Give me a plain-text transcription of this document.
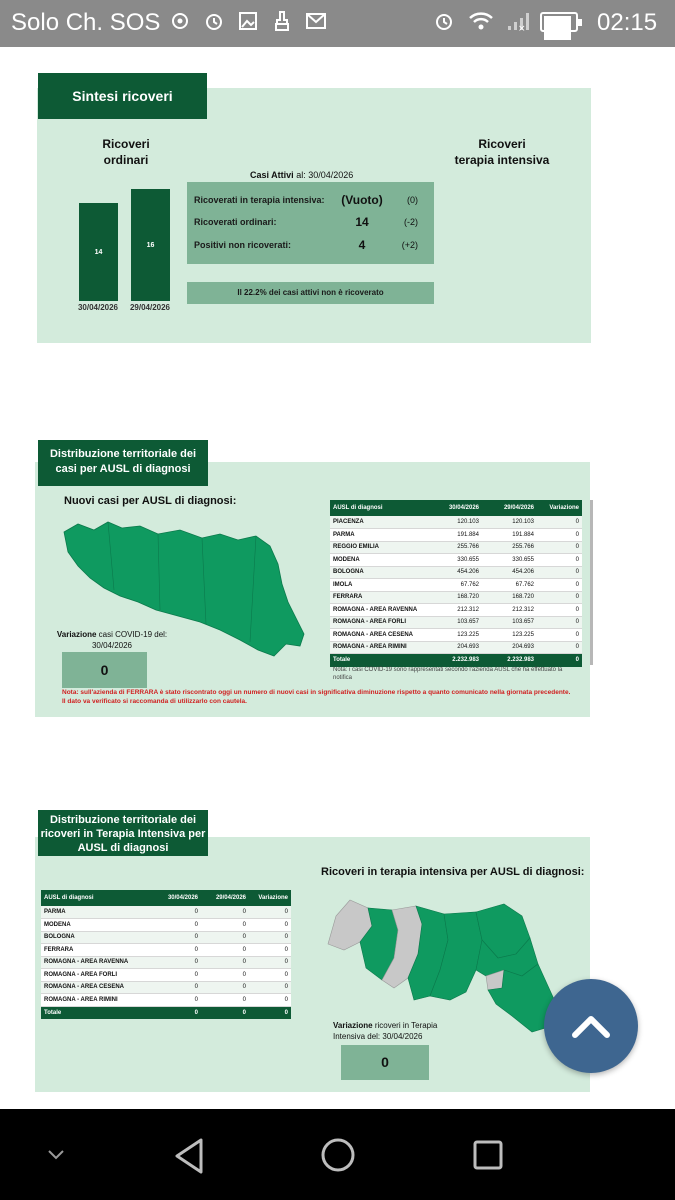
Solo Ch. SOS	×	02:15
Ricoveri
ordinari
14
30/04/2026
16
29/04/2026
Ricoveri
terapia intensiva
Sintesi ricoveri
Casi Attivi al: 30/04/2026
Ricoverati in terapia intensiva:	(Vuoto)	(0)
Ricoverati ordinari:	14	(-2)
Positivi non ricoverati:	4	(+2)
Il 22.2% dei casi attivi non è ricoverato
Distribuzione territoriale dei
casi per AUSL di diagnosi
Nuovi casi per AUSL di diagnosi:
Variazione casi COVID-19 del:
30/04/2026
0
AUSL di diagnosi	30/04/2026	29/04/2026	Variazione
PIACENZA	120.103	120.103	0
PARMA	191.884	191.884	0
REGGIO EMILIA	255.766	255.766	0
MODENA	330.655	330.655	0
BOLOGNA	454.206	454.206	0
IMOLA	67.762	67.762	0
FERRARA	168.720	168.720	0
ROMAGNA - AREA RAVENNA	212.312	212.312	0
ROMAGNA - AREA FORLI	103.657	103.657	0
ROMAGNA - AREA CESENA	123.225	123.225	0
ROMAGNA - AREA RIMINI	204.693	204.693	0
Totale	2.232.983	2.232.983	0
Nota: i casi COVID-19 sono rappresentati secondo l'azienda AUSL che ha effettuato la notifica
Nota: sull'azienda di FERRARA è stato riscontrato oggi un numero di nuovi casi in significativa diminuzione rispetto a quanto comunicato nella giornata precedente. Il dato va verificato si raccomanda di utilizzarlo con cautela.
Distribuzione territoriale dei
ricoveri in Terapia Intensiva per
AUSL di diagnosi
AUSL di diagnosi	30/04/2026	29/04/2026	Variazione
PARMA	0	0	0
MODENA	0	0	0
BOLOGNA	0	0	0
FERRARA	0	0	0
ROMAGNA - AREA RAVENNA	0	0	0
ROMAGNA - AREA FORLI	0	0	0
ROMAGNA - AREA CESENA	0	0	0
ROMAGNA - AREA RIMINI	0	0	0
Totale	0	0	0
Ricoveri in terapia intensiva per AUSL di diagnosi:
Variazione ricoveri in Terapia
Intensiva del: 30/04/2026
0
